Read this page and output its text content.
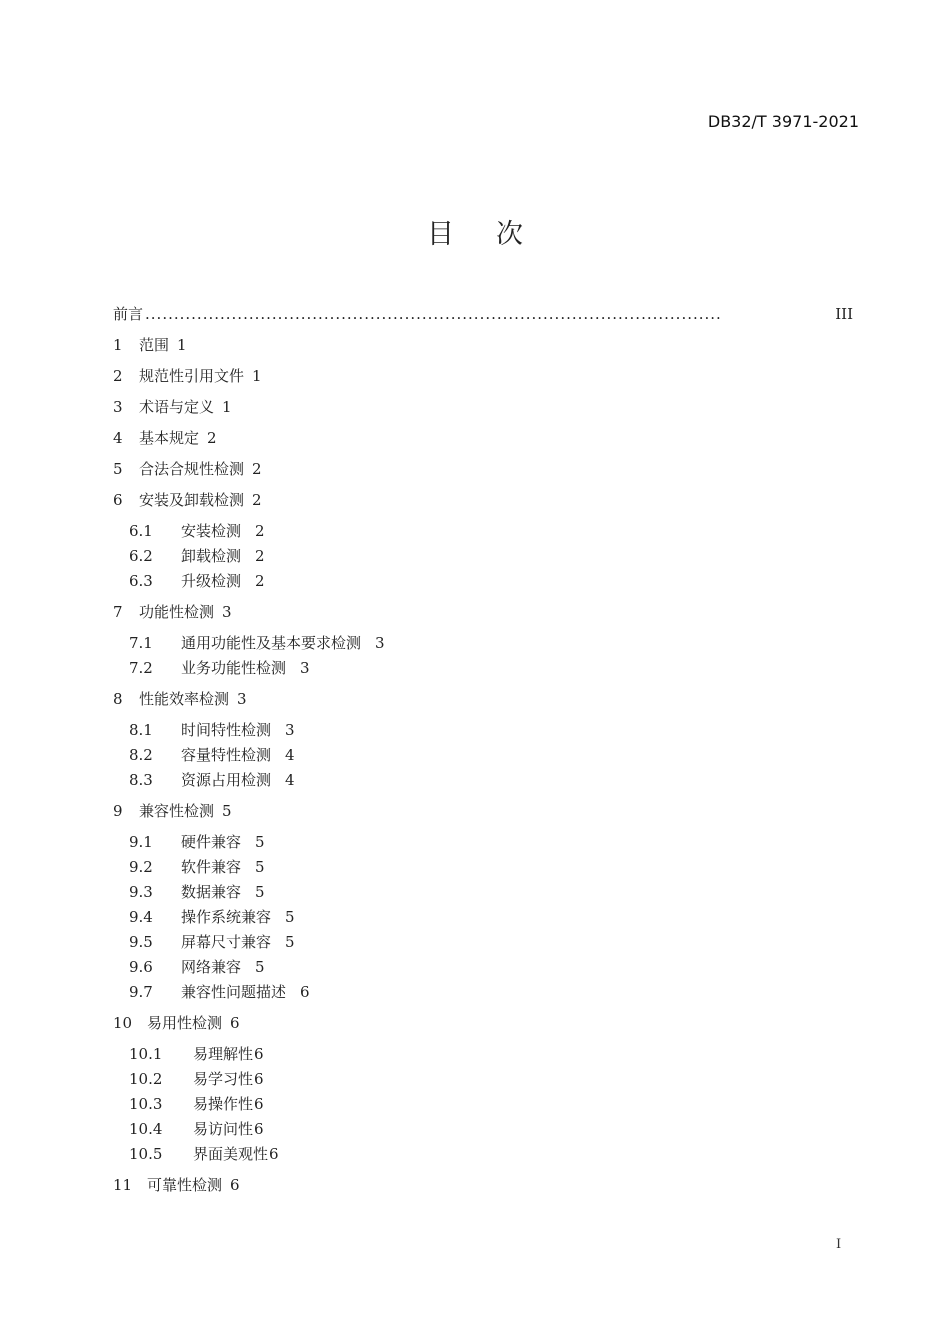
DB32/T 3971-2021
目 次
前言 ....................................................................................................	III
1 范围 1
2 规范性引用文件 1
3 术语与定义 1
4 基本规定 2
5 合法合规性检测 2
6 安装及卸载检测 2
6.1 安装检测 2
6.2 卸载检测 2
6.3 升级检测 2
7 功能性检测 3
7.1 通用功能性及基本要求检测 3
7.2 业务功能性检测 3
8 性能效率检测 3
8.1 时间特性检测 3
8.2 容量特性检测 4
8.3 资源占用检测 4
9 兼容性检测 5
9.1 硬件兼容 5
9.2 软件兼容 5
9.3 数据兼容 5
9.4 操作系统兼容 5
9.5 屏幕尺寸兼容 5
9.6 网络兼容 5
9.7 兼容性问题描述 6
10 易用性检测 6
10.1 易理解性6
10.2 易学习性6
10.3 易操作性6
10.4 易访问性6
10.5 界面美观性6
11 可靠性检测 6
I
